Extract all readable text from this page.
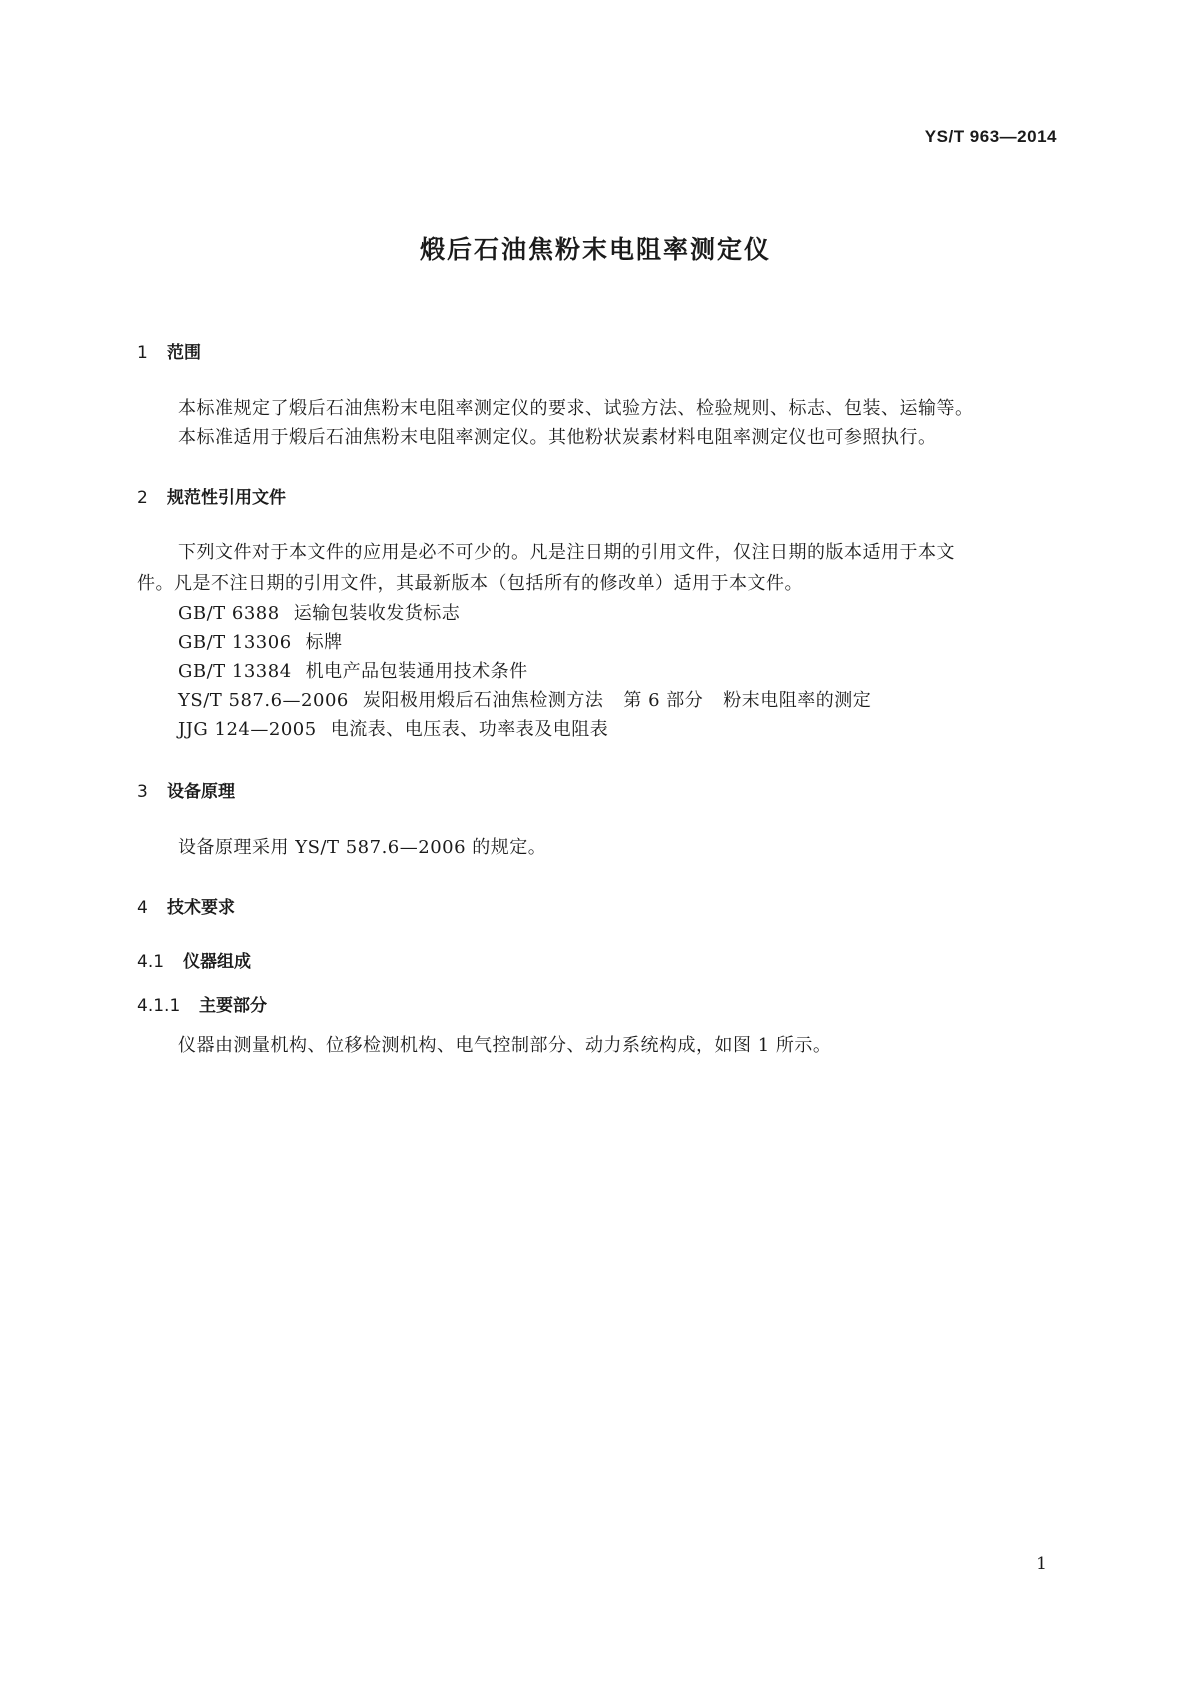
YS/T 963—2014
煅后石油焦粉末电阻率测定仪
1 范围
本标准规定了煅后石油焦粉末电阻率测定仪的要求、试验方法、检验规则、标志、包装、运输等。
本标准适用于煅后石油焦粉末电阻率测定仪。其他粉状炭素材料电阻率测定仪也可参照执行。
2 规范性引用文件
下列文件对于本文件的应用是必不可少的。凡是注日期的引用文件，仅注日期的版本适用于本文
件。凡是不注日期的引用文件，其最新版本（包括所有的修改单）适用于本文件。
GB/T 6388 运输包装收发货标志
GB/T 13306 标牌
GB/T 13384 机电产品包装通用技术条件
YS/T 587.6—2006 炭阳极用煅后石油焦检测方法 第 6 部分 粉末电阻率的测定
JJG 124—2005 电流表、电压表、功率表及电阻表
3 设备原理
设备原理采用 YS/T 587.6—2006 的规定。
4 技术要求
4.1 仪器组成
4.1.1 主要部分
仪器由测量机构、位移检测机构、电气控制部分、动力系统构成，如图 1 所示。
1
